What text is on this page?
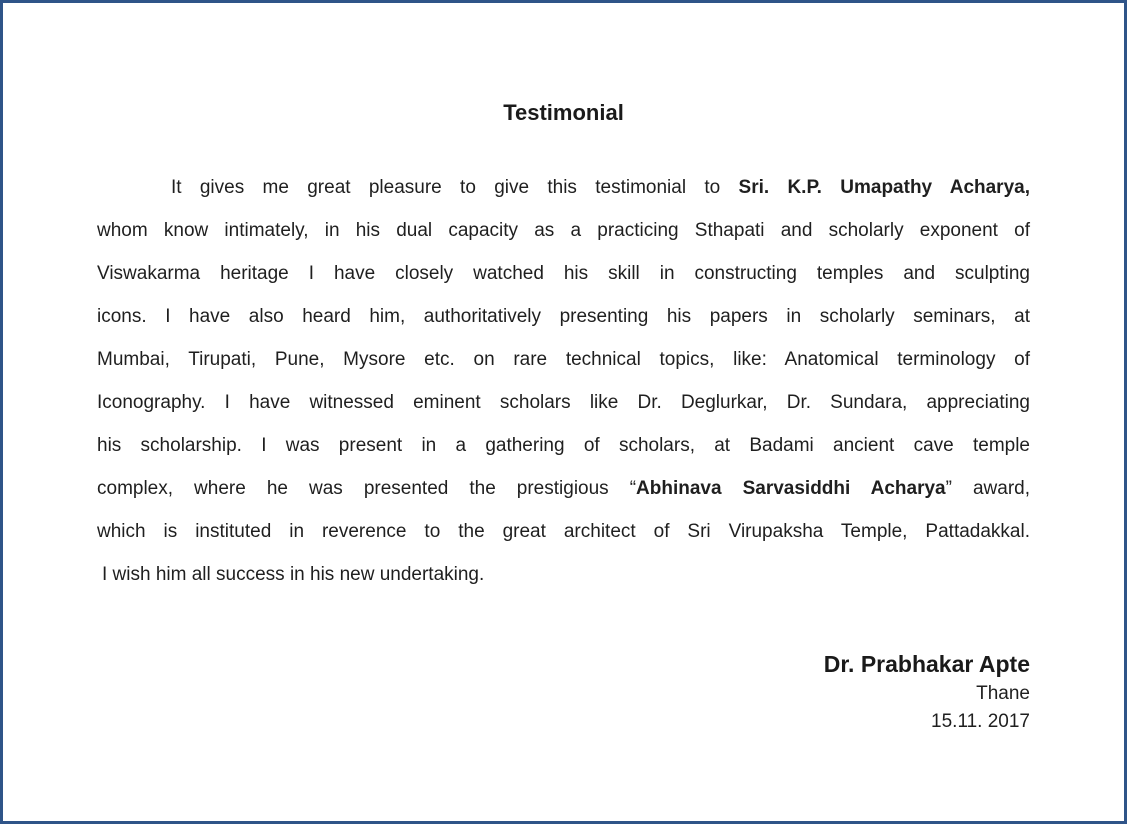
Testimonial
It gives me great pleasure to give this testimonial to Sri. K.P. Umapathy Acharya,
whom know intimately, in his dual capacity as a practicing Sthapati and scholarly exponent of
Viswakarma heritage I have closely watched his skill in constructing temples and sculpting
icons. I have also heard him, authoritatively presenting his papers in scholarly seminars, at
Mumbai, Tirupati, Pune, Mysore etc. on rare technical topics, like: Anatomical terminology of
Iconography. I have witnessed eminent scholars like Dr. Deglurkar, Dr. Sundara, appreciating
his scholarship. I was present in a gathering of scholars, at Badami ancient cave temple
complex, where he was presented the prestigious “Abhinava Sarvasiddhi Acharya” award,
which is instituted in reverence to the great architect of Sri Virupaksha Temple, Pattadakkal.
I wish him all success in his new undertaking.
Dr. Prabhakar Apte
Thane
15.11. 2017
